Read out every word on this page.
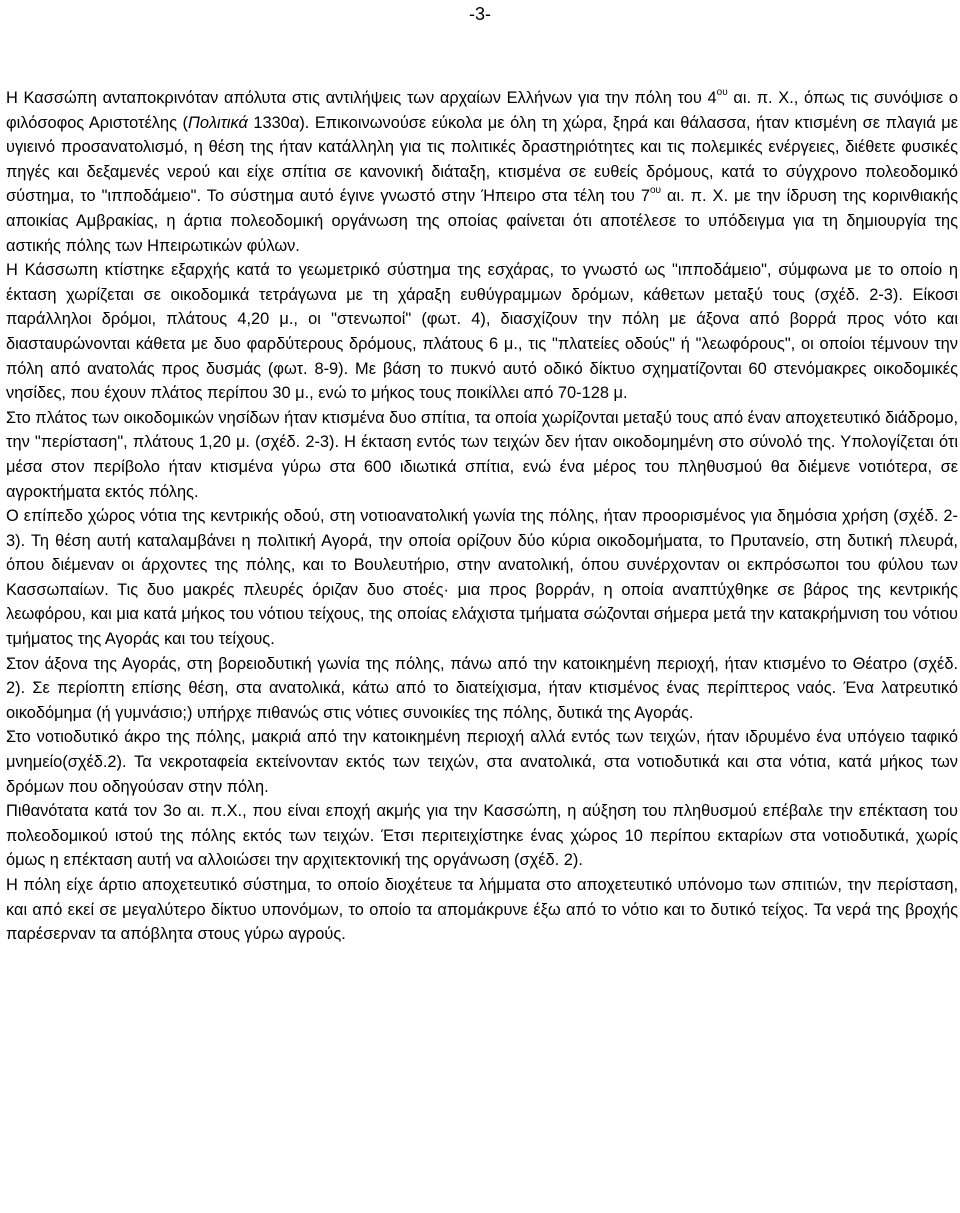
-3-

Η Κασσώπη ανταποκρινόταν απόλυτα στις αντιλήψεις των αρχαίων Ελλήνων για την πόλη του $4^{o\upsilon}$ αι. π. Χ., όπως τις συνόψισε ο φιλόσοφος Αριστοτέλης (Πολιτικά 1330α). Επικοινωνούσε εύκολα με όλη τη χώρα, ξηρά και θάλασσα, ήταν κτισμένη σε πλαγιά με υγιεινό προσανατολισμό, η θέση της ήταν κατάλληλη για τις πολιτικές δραστηριότητες και τις πολεμικές ενέργειες, διέθετε φυσικές πηγές και δεξαμενές νερού και είχε σπίτια σε κανονική διάταξη, κτισμένα σε ευθείς δρόμους, κατά το σύγχρονο πολεοδομικό σύστημα, το "ιπποδάμειο". Το σύστημα αυτό έγινε γνωστό στην Ήπειρο στα τέλη του $7^{o\upsilon}$ αι. π. Χ. με την ίδρυση της κορινθιακής αποικίας Αμβρακίας, η άρτια πολεοδομική οργάνωση της οποίας φαίνεται ότι αποτέλεσε το υπόδειγμα για τη δημιουργία της αστικής πόλης των Ηπειρωτικών φύλων.

Η Κάσσωπη κτίστηκε εξαρχής κατά το γεωμετρικό σύστημα της εσχάρας, το γνωστό ως "ιπποδάμειο", σύμφωνα με το οποίο η έκταση χωρίζεται σε οικοδομικά τετράγωνα με τη χάραξη ευθύγραμμων δρόμων, κάθετων μεταξύ τους (σχέδ. 2-3). Είκοσι παράλληλοι δρόμοι, πλάτους 4,20 μ., οι "στενωποί" (φωτ. 4), διασχίζουν την πόλη με άξονα από βορρά προς νότο και διασταυρώνονται κάθετα με δυο φαρδύτερους δρόμους, πλάτους 6 μ., τις "πλατείες οδούς" ή "λεωφόρους", οι οποίοι τέμνουν την πόλη από ανατολάς προς δυσμάς (φωτ. 8-9). Με βάση το πυκνό αυτό οδικό δίκτυο σχηματίζονται 60 στενόμακρες οικοδομικές νησίδες, που έχουν πλάτος περίπου 30 μ., ενώ το μήκος τους ποικίλλει από 70-128 μ.

Στο πλάτος των οικοδομικών νησίδων ήταν κτισμένα δυο σπίτια, τα οποία χωρίζονται μεταξύ τους από έναν αποχετευτικό διάδρομο, την "περίσταση", πλάτους 1,20 μ. (σχέδ. 2-3). Η έκταση εντός των τειχών δεν ήταν οικοδομημένη στο σύνολό της. Υπολογίζεται ότι μέσα στον περίβολο ήταν κτισμένα γύρω στα 600 ιδιωτικά σπίτια, ενώ ένα μέρος του πληθυσμού θα διέμενε νοτιότερα, σε αγροκτήματα εκτός πόλης.

Ο επίπεδο χώρος νότια της κεντρικής οδού, στη νοτιοανατολική γωνία της πόλης, ήταν προορισμένος για δημόσια χρήση (σχέδ. 2-3). Τη θέση αυτή καταλαμβάνει η πολιτική Αγορά, την οποία ορίζουν δύο κύρια οικοδομήματα, το Πρυτανείο, στη δυτική πλευρά, όπου διέμεναν οι άρχοντες της πόλης, και το Βουλευτήριο, στην ανατολική, όπου συνέρχονταν οι εκπρόσωποι του φύλου των Κασσωπαίων. Τις δυο μακρές πλευρές όριζαν δυο στοές· μια προς βορράν, η οποία αναπτύχθηκε σε βάρος της κεντρικής λεωφόρου, και μια κατά μήκος του νότιου τείχους, της οποίας ελάχιστα τμήματα σώζονται σήμερα μετά την κατακρήμνιση του νότιου τμήματος της Αγοράς και του τείχους.

Στον άξονα της Αγοράς, στη βορειοδυτική γωνία της πόλης, πάνω από την κατοικημένη περιοχή, ήταν κτισμένο το Θέατρο (σχέδ. 2). Σε περίοπτη επίσης θέση, στα ανατολικά, κάτω από το διατείχισμα, ήταν κτισμένος ένας περίπτερος ναός. Ένα λατρευτικό οικοδόμημα (ή γυμνάσιο;) υπήρχε πιθανώς στις νότιες συνοικίες της πόλης, δυτικά της Αγοράς.

Στο νοτιοδυτικό άκρο της πόλης, μακριά από την κατοικημένη περιοχή αλλά εντός των τειχών, ήταν ιδρυμένο ένα υπόγειο ταφικό μνημείο(σχέδ.2). Τα νεκροταφεία εκτείνονταν εκτός των τειχών, στα ανατολικά, στα νοτιοδυτικά και στα νότια, κατά μήκος των δρόμων που οδηγούσαν στην πόλη.

Πιθανότατα κατά τον 3ο αι. π.Χ., που είναι εποχή ακμής για την Κασσώπη, η αύξηση του πληθυσμού επέβαλε την επέκταση του πολεοδομικού ιστού της πόλης εκτός των τειχών. Έτσι περιτειχίστηκε ένας χώρος 10 περίπου εκταρίων στα νοτιοδυτικά, χωρίς όμως η επέκταση αυτή να αλλοιώσει την αρχιτεκτονική της οργάνωση (σχέδ. 2).

Η πόλη είχε άρτιο αποχετευτικό σύστημα, το οποίο διοχέτευε τα λήμματα στο αποχετευτικό υπόνομο των σπιτιών, την περίσταση, και από εκεί σε μεγαλύτερο δίκτυο υπονόμων, το οποίο τα απομάκρυνε έξω από το νότιο και το δυτικό τείχος. Τα νερά της βροχής παρέσερναν τα απόβλητα στους γύρω αγρούς.
